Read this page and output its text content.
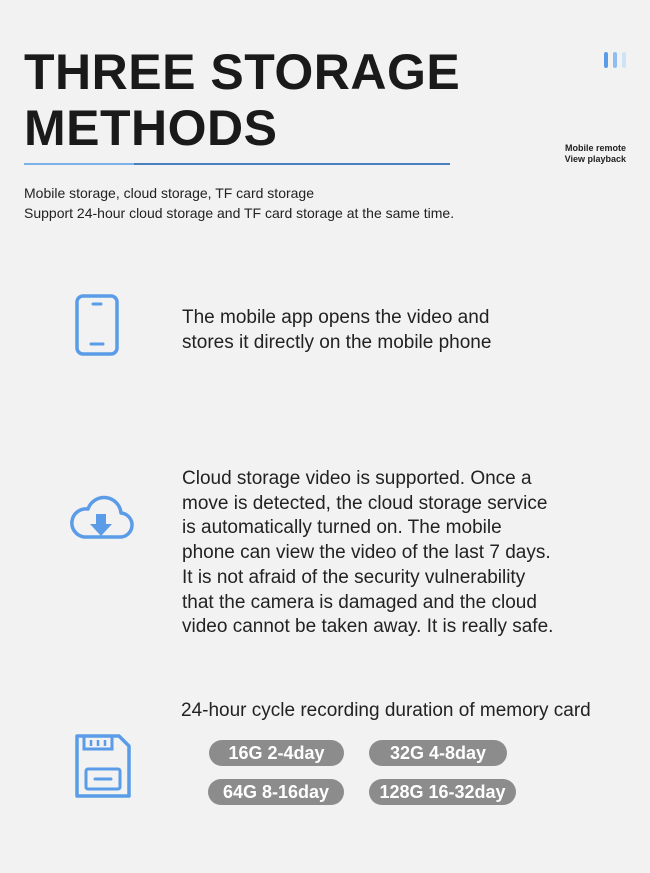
THREE STORAGE
METHODS	Mobile remote
View playback
Mobile storage, cloud storage, TF card storage
Support 24-hour cloud storage and TF card storage at the same time.
The mobile app opens the video and
stores it directly on the mobile phone
Cloud storage video is supported. Once a
move is detected, the cloud storage service
is automatically turned on. The mobile
phone can view the video of the last 7 days.
It is not afraid of the security vulnerability
that the camera is damaged and the cloud
video cannot be taken away. It is really safe.
24-hour cycle recording duration of memory card
16G 2-4day	32G 4-8day
64G 8-16day	128G 16-32day
